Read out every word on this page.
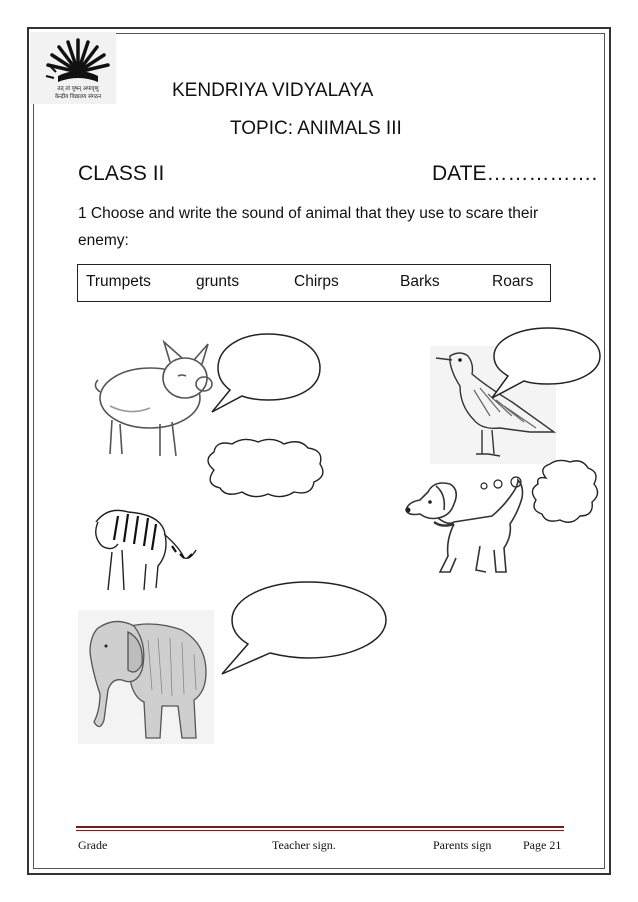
तत् त्वं पूषन् अपावृणु
केन्द्रीय विद्यालय संगठन	KENDRIYA VIDYALAYA
TOPIC: ANIMALS III
CLASS II	DATE…………….
1 Choose and write the sound of animal that they use to scare their enemy:
Trumpets	grunts	Chirps	Barks	Roars
Grade	Teacher sign.	Parents sign	Page 21
